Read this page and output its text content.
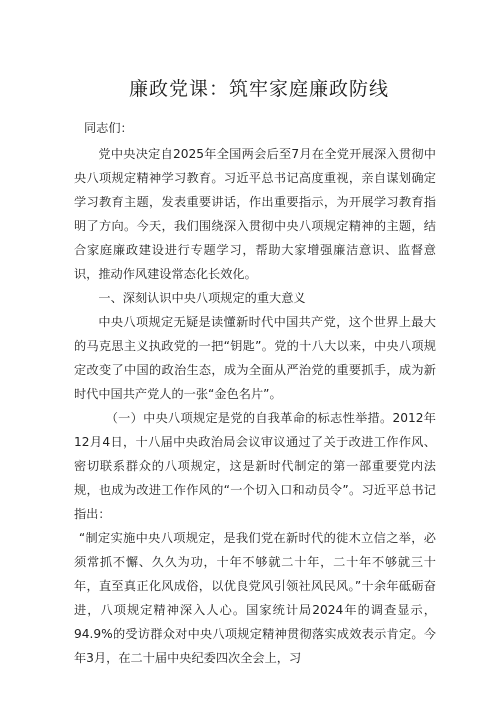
廉政党课：筑牢家庭廉政防线

同志们：

党中央决定自2025年全国两会后至7月在全党开展深入贯彻中央八项规定精神学习教育。习近平总书记高度重视，亲自谋划确定学习教育主题，发表重要讲话，作出重要指示，为开展学习教育指明了方向。今天，我们围绕深入贯彻中央八项规定精神的主题，结合家庭廉政建设进行专题学习，帮助大家增强廉洁意识、监督意识，推动作风建设常态化长效化。

一、深刻认识中央八项规定的重大意义

中央八项规定无疑是读懂新时代中国共产党，这个世界上最大的马克思主义执政党的一把“钥匙”。党的十八大以来，中央八项规定改变了中国的政治生态，成为全面从严治党的重要抓手，成为新时代中国共产党人的一张“金色名片”。

（一）中央八项规定是党的自我革命的标志性举措。2012年12月4日，十八届中央政治局会议审议通过了关于改进工作作风、密切联系群众的八项规定，这是新时代制定的第一部重要党内法规，也成为改进工作作风的“一个切入口和动员令”。习近平总书记指出：

“制定实施中央八项规定，是我们党在新时代的徙木立信之举，必须常抓不懈、久久为功，十年不够就二十年，二十年不够就三十年，直至真正化风成俗，以优良党风引领社风民风。”十余年砥砺奋进，八项规定精神深入人心。国家统计局2024年的调查显示，94.9%的受访群众对中央八项规定精神贯彻落实成效表示肯定。今年3月，在二十届中央纪委四次全会上，习
